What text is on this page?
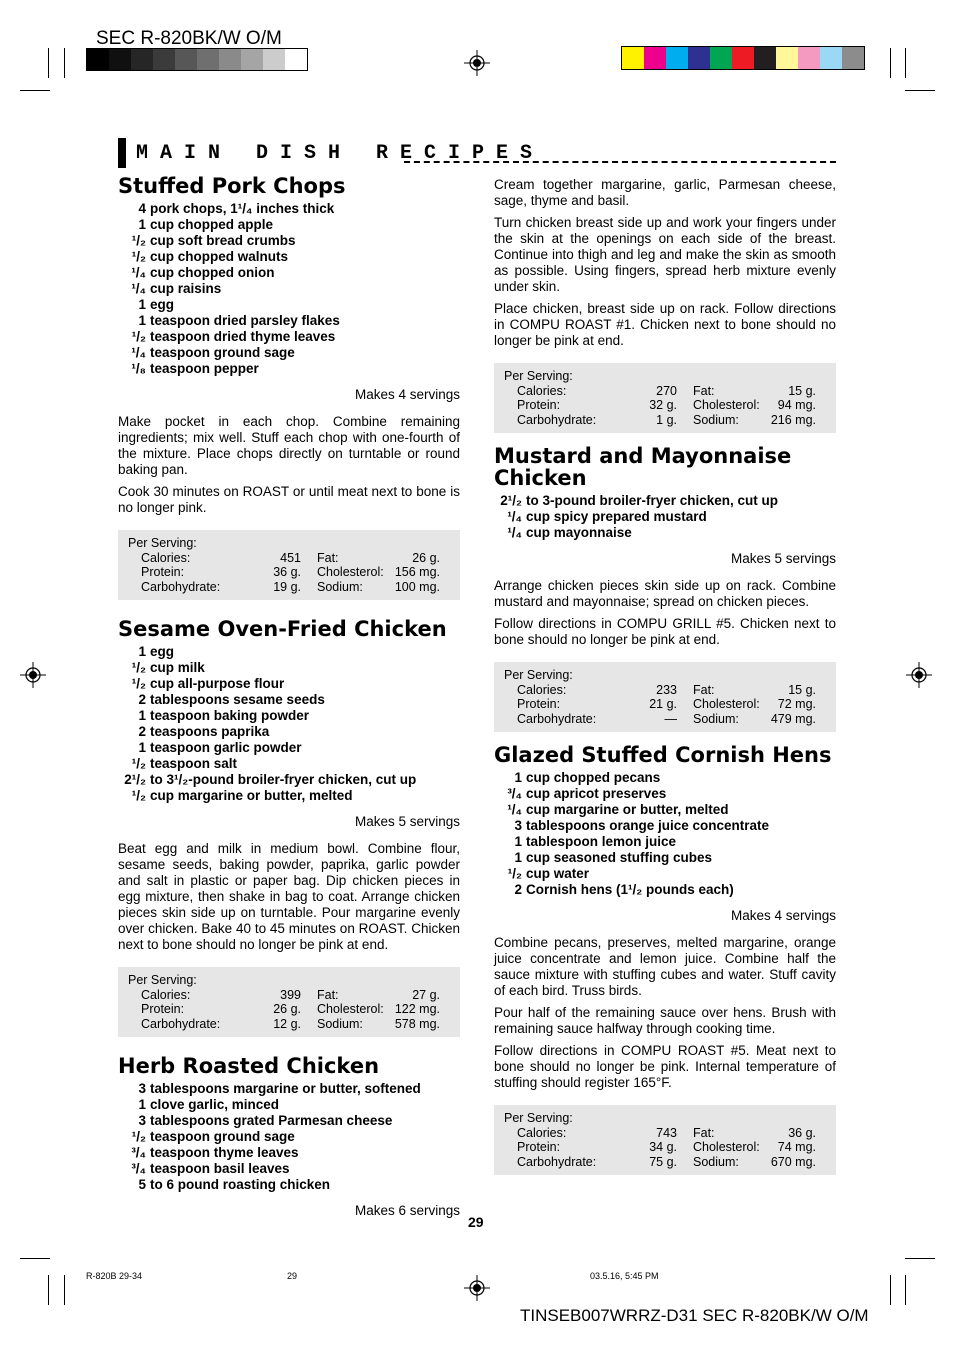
SEC R-820BK/W O/M
MAIN DISH RECIPES
Stuffed Pork Chops
4 pork chops, 1¹/₄ inches thick
1 cup chopped apple
¹/₂ cup soft bread crumbs
¹/₂ cup chopped walnuts
¹/₄ cup chopped onion
¹/₄ cup raisins
1 egg
1 teaspoon dried parsley flakes
¹/₂ teaspoon dried thyme leaves
¹/₄ teaspoon ground sage
¹/₈ teaspoon pepper
Makes 4 servings

Make pocket in each chop. Combine remaining ingredients; mix well. Stuff each chop with one-fourth of the mixture. Place chops directly on turntable or round baking pan.

Cook 30 minutes on ROAST or until meat next to bone is no longer pink.

Per Serving:
Calories:	451	Fat:	26 g.
Protein:	36 g.	Cholesterol:	156 mg.
Carbohydrate:	19 g.	Sodium:	100 mg.
Sesame Oven-Fried Chicken
1 egg
¹/₂ cup milk
¹/₂ cup all-purpose flour
2 tablespoons sesame seeds
1 teaspoon baking powder
2 teaspoons paprika
1 teaspoon garlic powder
¹/₂ teaspoon salt
2¹/₂ to 3¹/₂-pound broiler-fryer chicken, cut up
¹/₂ cup margarine or butter, melted
Makes 5 servings

Beat egg and milk in medium bowl. Combine flour, sesame seeds, baking powder, paprika, garlic powder and salt in plastic or paper bag. Dip chicken pieces in egg mixture, then shake in bag to coat. Arrange chicken pieces skin side up on turntable. Pour margarine evenly over chicken. Bake 40 to 45 minutes on ROAST. Chicken next to bone should no longer be pink at end.

Per Serving:
Calories:	399	Fat:	27 g.
Protein:	26 g.	Cholesterol:	122 mg.
Carbohydrate:	12 g.	Sodium:	578 mg.
Herb Roasted Chicken
3 tablespoons margarine or butter, softened
1 clove garlic, minced
3 tablespoons grated Parmesan cheese
¹/₂ teaspoon ground sage
³/₄ teaspoon thyme leaves
³/₄ teaspoon basil leaves
5 to 6 pound roasting chicken
Makes 6 servings

Cream together margarine, garlic, Parmesan cheese, sage, thyme and basil.

Turn chicken breast side up and work your fingers under the skin at the openings on each side of the breast. Continue into thigh and leg and make the skin as smooth as possible. Using fingers, spread herb mixture evenly under skin.

Place chicken, breast side up on rack. Follow directions in COMPU ROAST #1. Chicken next to bone should no longer be pink at end.

Per Serving:
Calories:	270	Fat:	15 g.
Protein:	32 g.	Cholesterol:	94 mg.
Carbohydrate:	1 g.	Sodium:	216 mg.
Mustard and Mayonnaise Chicken
2¹/₂ to 3-pound broiler-fryer chicken, cut up
¹/₄ cup spicy prepared mustard
¹/₄ cup mayonnaise
Makes 5 servings

Arrange chicken pieces skin side up on rack. Combine mustard and mayonnaise; spread on chicken pieces.

Follow directions in COMPU GRILL #5. Chicken next to bone should no longer be pink at end.

Per Serving:
Calories:	233	Fat:	15 g.
Protein:	21 g.	Cholesterol:	72 mg.
Carbohydrate:	—	Sodium:	479 mg.
Glazed Stuffed Cornish Hens
1 cup chopped pecans
³/₄ cup apricot preserves
¹/₄ cup margarine or butter, melted
3 tablespoons orange juice concentrate
1 tablespoon lemon juice
1 cup seasoned stuffing cubes
¹/₂ cup water
2 Cornish hens (1¹/₂ pounds each)
Makes 4 servings

Combine pecans, preserves, melted margarine, orange juice concentrate and lemon juice. Combine half the sauce mixture with stuffing cubes and water. Stuff cavity of each bird. Truss birds.

Pour half of the remaining sauce over hens. Brush with remaining sauce halfway through cooking time.

Follow directions in COMPU ROAST #5. Meat next to bone should no longer be pink. Internal temperature of stuffing should register 165°F.

Per Serving:
Calories:	743	Fat:	36 g.
Protein:	34 g.	Cholesterol:	74 mg.
Carbohydrate:	75 g.	Sodium:	670 mg.
29
R-820B 29-34	29	03.5.16, 5:45 PM
TINSEB007WRRZ-D31 SEC R-820BK/W O/M
